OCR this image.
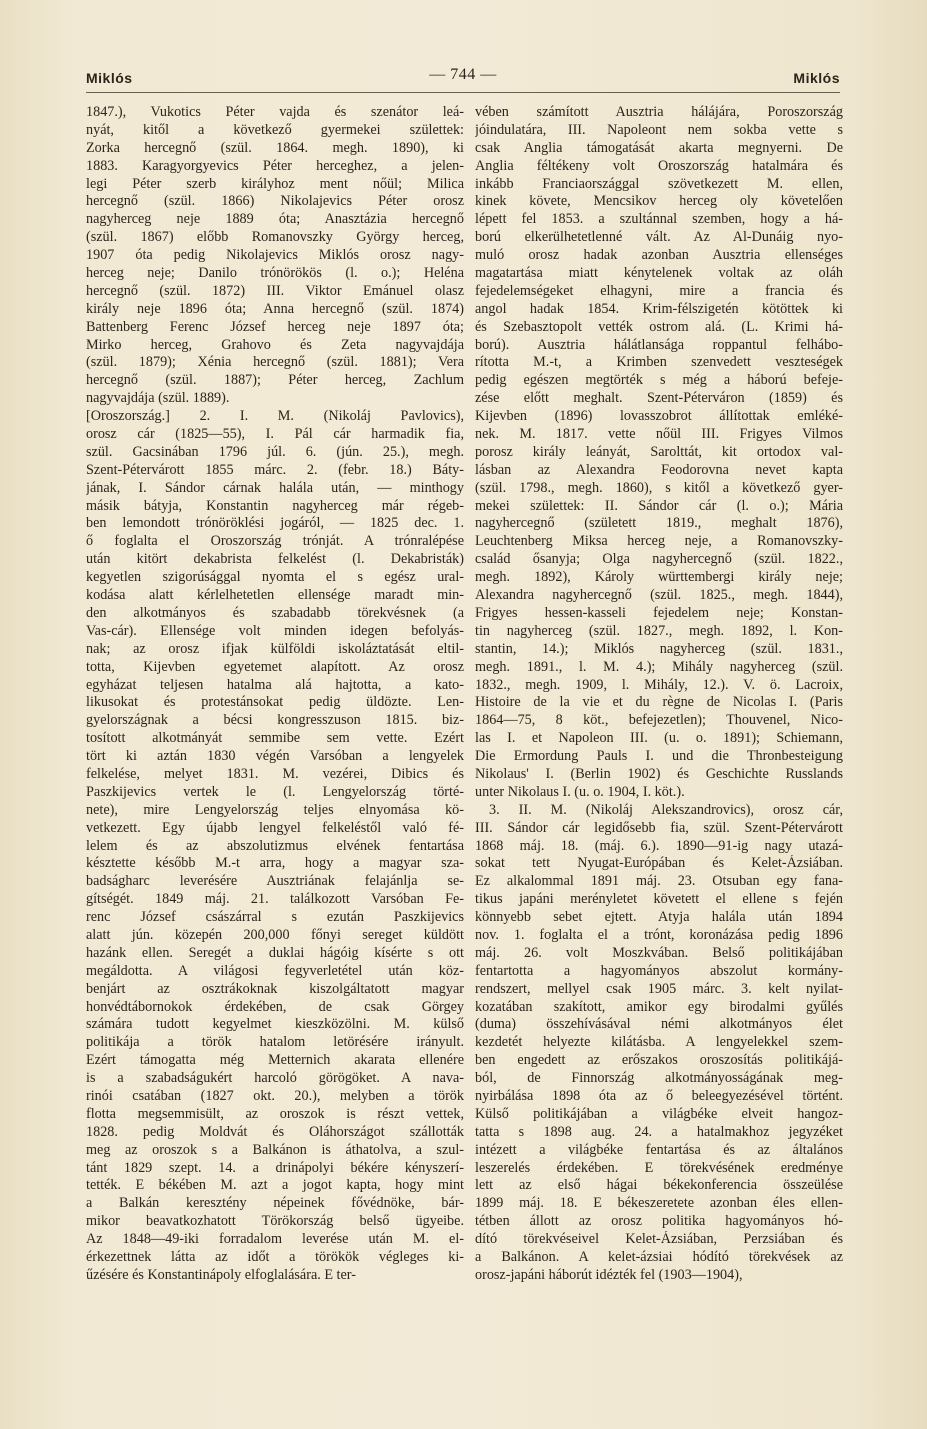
Miklós	— 744 —	Miklós
1847.), Vukotics Péter vajda és szenátor leá-
nyát, kitől a következő gyermekei születtek:
Zorka hercegnő (szül. 1864. megh. 1890), ki
1883. Karagyorgyevics Péter herceghez, a jelen-
legi Péter szerb királyhoz ment nőül; Milica
hercegnő (szül. 1866) Nikolajevics Péter orosz
nagyherceg neje 1889 óta; Anasztázia hercegnő
(szül. 1867) előbb Romanovszky György herceg,
1907 óta pedig Nikolajevics Miklós orosz nagy-
herceg neje; Danilo trónörökös (l. o.); Heléna
hercegnő (szül. 1872) III. Viktor Emánuel olasz
király neje 1896 óta; Anna hercegnő (szül. 1874)
Battenberg Ferenc József herceg neje 1897 óta;
Mirko herceg, Grahovo és Zeta nagyvajdája
(szül. 1879); Xénia hercegnő (szül. 1881); Vera
hercegnő (szül. 1887); Péter herceg, Zachlum
nagyvajdája (szül. 1889).
[Oroszország.] 2. I. M. (Nikoláj Pavlovics),
orosz cár (1825—55), I. Pál cár harmadik fia,
szül. Gacsinában 1796 júl. 6. (jún. 25.), megh.
Szent-Pétervárott 1855 márc. 2. (febr. 18.) Báty-
jának, I. Sándor cárnak halála után, — minthogy
másik bátyja, Konstantin nagyherceg már régeb-
ben lemondott trónöröklési jogáról, — 1825 dec. 1.
ő foglalta el Oroszország trónját. A trónralépése
után kitört dekabrista felkelést (l. Dekabristák)
kegyetlen szigorúsággal nyomta el s egész ural-
kodása alatt kérlelhetetlen ellensége maradt min-
den alkotmányos és szabadabb törekvésnek (a
Vas-cár). Ellensége volt minden idegen befolyás-
nak; az orosz ifjak külföldi iskoláztatását eltil-
totta, Kijevben egyetemet alapított. Az orosz
egyházat teljesen hatalma alá hajtotta, a kato-
likusokat és protestánsokat pedig üldözte. Len-
gyelországnak a bécsi kongresszuson 1815. biz-
tosított alkotmányát semmibe sem vette. Ezért
tört ki aztán 1830 végén Varsóban a lengyelek
felkelése, melyet 1831. M. vezérei, Dibics és
Paszkijevics vertek le (l. Lengyelország törté-
nete), mire Lengyelország teljes elnyomása kö-
vetkezett. Egy újabb lengyel felkeléstől való fé-
lelem és az abszolutizmus elvének fentartása
késztette később M.-t arra, hogy a magyar sza-
badságharc leverésére Ausztriának felajánlja se-
gítségét. 1849 máj. 21. találkozott Varsóban Fe-
renc József császárral s ezután Paszkijevics
alatt jún. közepén 200,000 főnyi sereget küldött
hazánk ellen. Seregét a duklai hágóig kísérte s ott
megáldotta. A világosi fegyverletétel után köz-
benjárt az osztrákoknak kiszolgáltatott magyar
honvédtábornokok érdekében, de csak Görgey
számára tudott kegyelmet kieszközölni. M. külső
politikája a török hatalom letörésére irányult.
Ezért támogatta még Metternich akarata ellenére
is a szabadságukért harcoló görögöket. A nava-
rinói csatában (1827 okt. 20.), melyben a török
flotta megsemmisült, az oroszok is részt vettek,
1828. pedig Moldvát és Oláhországot szállották
meg az oroszok s a Balkánon is áthatolva, a szul-
tánt 1829 szept. 14. a drinápolyi békére kényszerí-
tették. E békében M. azt a jogot kapta, hogy mint
a Balkán keresztény népeinek fővédnöke, bár-
mikor beavatkozhatott Törökország belső ügyeibe.
Az 1848—49-iki forradalom leverése után M. el-
érkezettnek látta az időt a törökök végleges ki-
űzésére és Konstantinápoly elfoglalására. E ter-
vében számított Ausztria hálájára, Poroszország
jóindulatára, III. Napoleont nem sokba vette s
csak Anglia támogatását akarta megnyerni. De
Anglia féltékeny volt Oroszország hatalmára és
inkább Franciaországgal szövetkezett M. ellen,
kinek követe, Mencsikov herceg oly követelően
lépett fel 1853. a szultánnal szemben, hogy a há-
ború elkerülhetetlenné vált. Az Al-Dunáig nyo-
muló orosz hadak azonban Ausztria ellenséges
magatartása miatt kénytelenek voltak az oláh
fejedelemségeket elhagyni, mire a francia és
angol hadak 1854. Krim-félszigetén kötöttek ki
és Szebasztopolt vették ostrom alá. (L. Krimi há-
ború). Ausztria hálátlansága roppantul felhábo-
rította M.-t, a Krimben szenvedett veszteségek
pedig egészen megtörték s még a háború befeje-
zése előtt meghalt. Szent-Péterváron (1859) és
Kijevben (1896) lovasszobrot állítottak emléké-
nek. M. 1817. vette nőül III. Frigyes Vilmos
porosz király leányát, Sarolttát, kit ortodox val-
lásban az Alexandra Feodorovna nevet kapta
(szül. 1798., megh. 1860), s kitől a következő gyer-
mekei születtek: II. Sándor cár (l. o.); Mária
nagyhercegnő (született 1819., meghalt 1876),
Leuchtenberg Miksa herceg neje, a Romanovszky-
család ősanyja; Olga nagyhercegnő (szül. 1822.,
megh. 1892), Károly württembergi király neje;
Alexandra nagyhercegnő (szül. 1825., megh. 1844),
Frigyes hessen-kasseli fejedelem neje; Konstan-
tin nagyherceg (szül. 1827., megh. 1892, l. Kon-
stantin, 14.); Miklós nagyherceg (szül. 1831.,
megh. 1891., l. M. 4.); Mihály nagyherceg (szül.
1832., megh. 1909, l. Mihály, 12.). V. ö. Lacroix,
Histoire de la vie et du règne de Nicolas I. (Paris
1864—75, 8 köt., befejezetlen); Thouvenel, Nico-
las I. et Napoleon III. (u. o. 1891); Schiemann,
Die Ermordung Pauls I. und die Thronbesteigung
Nikolaus' I. (Berlin 1902) és Geschichte Russlands
unter Nikolaus I. (u. o. 1904, I. köt.).
3. II. M. (Nikoláj Alekszandrovics), orosz cár,
III. Sándor cár legidősebb fia, szül. Szent-Pétervárott
1868 máj. 18. (máj. 6.). 1890—91-ig nagy utazá-
sokat tett Nyugat-Európában és Kelet-Ázsiában.
Ez alkalommal 1891 máj. 23. Otsuban egy fana-
tikus japáni merényletet követett el ellene s fején
könnyebb sebet ejtett. Atyja halála után 1894
nov. 1. foglalta el a trónt, koronázása pedig 1896
máj. 26. volt Moszkvában. Belső politikájában
fentartotta a hagyományos abszolut kormány-
rendszert, mellyel csak 1905 márc. 3. kelt nyilat-
kozatában szakított, amikor egy birodalmi gyűlés
(duma) összehívásával némi alkotmányos élet
kezdetét helyezte kilátásba. A lengyelekkel szem-
ben engedett az erőszakos oroszosítás politikájá-
ból, de Finnország alkotmányosságának meg-
nyirbálása 1898 óta az ő beleegyezésével történt.
Külső politikájában a világbéke elveit hangoz-
tatta s 1898 aug. 24. a hatalmakhoz jegyzéket
intézett a világbéke fentartása és az általános
leszerelés érdekében. E törekvésének eredménye
lett az első hágai békekonferencia összeülése
1899 máj. 18. E békeszeretete azonban éles ellen-
tétben állott az orosz politika hagyományos hó-
dító törekvéseivel Kelet-Ázsiában, Perzsiában és
a Balkánon. A kelet-ázsiai hódító törekvések az
orosz-japáni háborút idézték fel (1903—1904),
